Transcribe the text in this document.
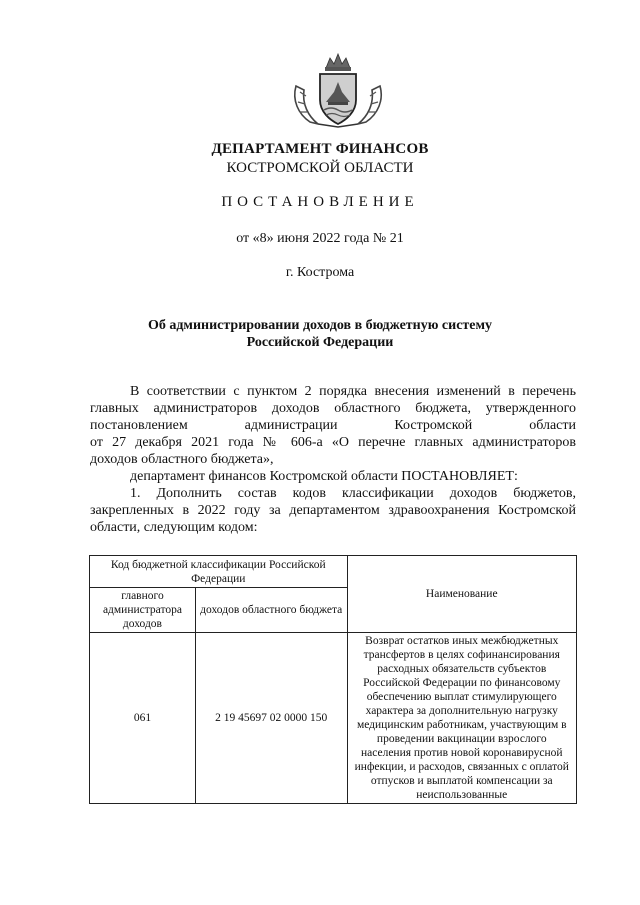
ДЕПАРТАМЕНТ ФИНАНСОВ
КОСТРОМСКОЙ ОБЛАСТИ
ПОСТАНОВЛЕНИЕ
от «8» июня 2022 года № 21
г. Кострома
Об администрировании доходов в бюджетную систему
Российской Федерации
В соответствии с пунктом 2 порядка внесения изменений в перечень
главных администраторов доходов областного бюджета, утвержденного
постановлением администрации Костромской области
от 27 декабря 2021 года № 606-а «О перечне главных администраторов
доходов областного бюджета»,
департамент финансов Костромской области ПОСТАНОВЛЯЕТ:
1. Дополнить состав кодов классификации доходов бюджетов,
закрепленных в 2022 году за департаментом здравоохранения Костромской
области, следующим кодом:
Код бюджетной классификации Российской Федерации		Наименование
главного администратора доходов	доходов областного бюджета	
061	2 19 45697 02 0000 150	Возврат остатков иных межбюджетных трансфертов в целях софинансирования расходных обязательств субъектов Российской Федерации по финансовому обеспечению выплат стимулирующего характера за дополнительную нагрузку медицинским работникам, участвующим в проведении вакцинации взрослого населения против новой коронавирусной инфекции, и расходов, связанных с оплатой отпусков и выплатой компенсации за неиспользованные
